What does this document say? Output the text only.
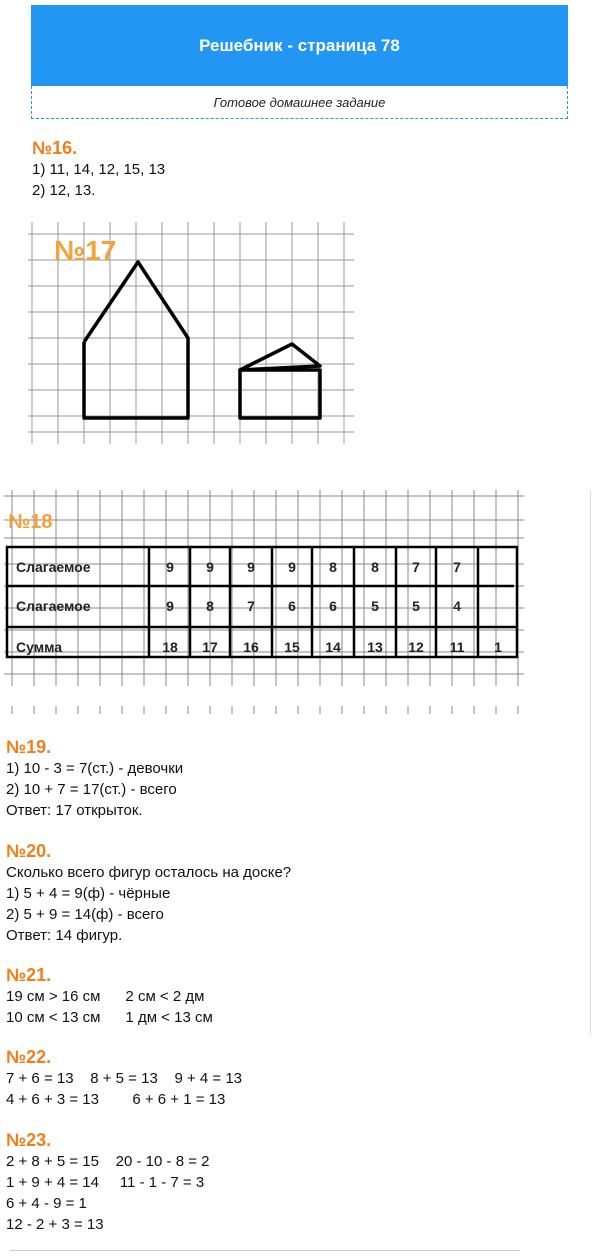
Решебник - страница 78
Готовое домашнее задание
№16.
1) 11, 14, 12, 15, 13
2) 12, 13.
№17
№18
Слагаемое	9 9 9 9 8 8 7 7
Слагаемое	9 8 7 6 6 5 5 4
Сумма	18 17 16 15 14 13 12 11 1
№19.
1) 10 - 3 = 7(ст.) - девочки
2) 10 + 7 = 17(ст.) - всего
Ответ: 17 открыток.
№20.
Сколько всего фигур осталось на доске?
1) 5 + 4 = 9(ф) - чёрные
2) 5 + 9 = 14(ф) - всего
Ответ: 14 фигур.
№21.
19 см > 16 см      2 см < 2 дм
10 см < 13 см      1 дм < 13 см
№22.
7 + 6 = 13    8 + 5 = 13    9 + 4 = 13
4 + 6 + 3 = 13        6 + 6 + 1 = 13
№23.
2 + 8 + 5 = 15    20 - 10 - 8 = 2
1 + 9 + 4 = 14     11 - 1 - 7 = 3
6 + 4 - 9 = 1
12 - 2 + 3 = 13
